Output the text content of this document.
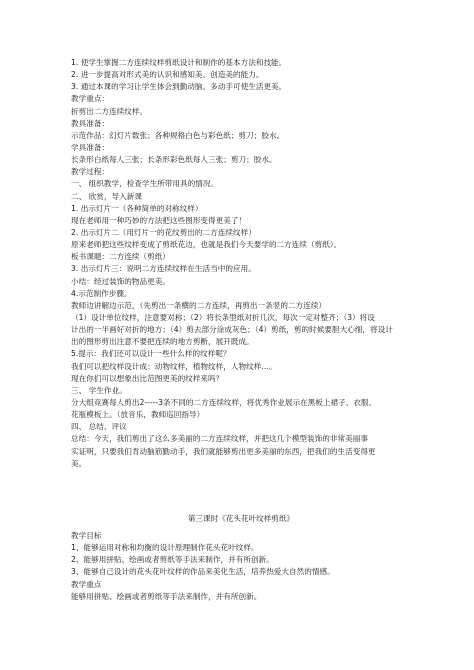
1. 使学生掌握二方连续纹样剪纸设计和制作的基本方法和技能。
2. 进一步提高对形式美的认识和感知美、创造美的能力。
3. 通过本课的学习让学生体会到勤动脑、多动手可使生活更美。
教学重点：
折剪出二方连续纹样。
教具准备：
示范作品：幻灯片数张；各种规格白色与彩色纸；剪刀；胶水。
学具准备：
长条形白纸每人三张；长条形彩色纸每人三张；剪刀；胶水。
教学过程：
一、 组织教学，检查学生所带用具的情况。
二、 欣赏，导入新课
1. 出示灯片一（各种简单的对称纹样）
现在老师用一种巧妙的方法把这些图形变得更美了！
2. 出示灯片二（用灯片一的花纹剪出的二方连续纹样）
原来老师把这些纹样变成了剪纸花边，也就是我们今天要学的二方连续（剪纸）。
板书课题：二方连续（剪纸）
3. 出示灯片三：说明二方连续纹样在生活当中的应用。
小结：经过装饰的物品更美。
4.示范制作步骤。
教师边讲解边示范，（先剪出一条横的二方连续，再剪出一条竖的二方连续）
（1）设计单位纹样，注意要对称；（2）将长条型纸对折几次，每次一定对整齐；（3）将设
计出的一半画好对折的地方；（4）剪去部分涂成灰色；（4）剪纸，剪的时候要胆大心细，将设计
出的图形剪出注意不要把连续的地方剪断，展开既成。
5.提示：我们还可以设计一些什么样的纹样呢？
我们可以把纹样设计成：动物纹样，植物纹样，人物纹样…。
现在你们可以想象出比范图更美的纹样来吗？
三、 学生作业。
分大组竞赛每人剪出2-----3条不同的二方连续纹样，将优秀作业展示在黑板上裙子、衣服、
花瓶模板上。（放音乐，教师巡回指导）
四、 总结、评议
总结：今天，我们剪出了这么多美丽的二方连续纹样，并把这几个模型装饰的非常美丽事
实证明，只要我们肯动脑筋勤动手，我们就能够剪出更多美丽的东西，把我们的生活变得更
美。
第三课时《花头花叶纹样剪纸》
教学目标
1、能够运用对称和均衡的设计原理制作花头花叶纹样。
2、能够用拼贴、绘画或者剪纸等手法来制作，并有所创新。
3、能够自己设计的花头花叶纹样的作品来美化生活，培养热爱大自然的情感。
教学重点
能够用拼贴、绘画或者剪纸等手法来制作，并有所创新。
